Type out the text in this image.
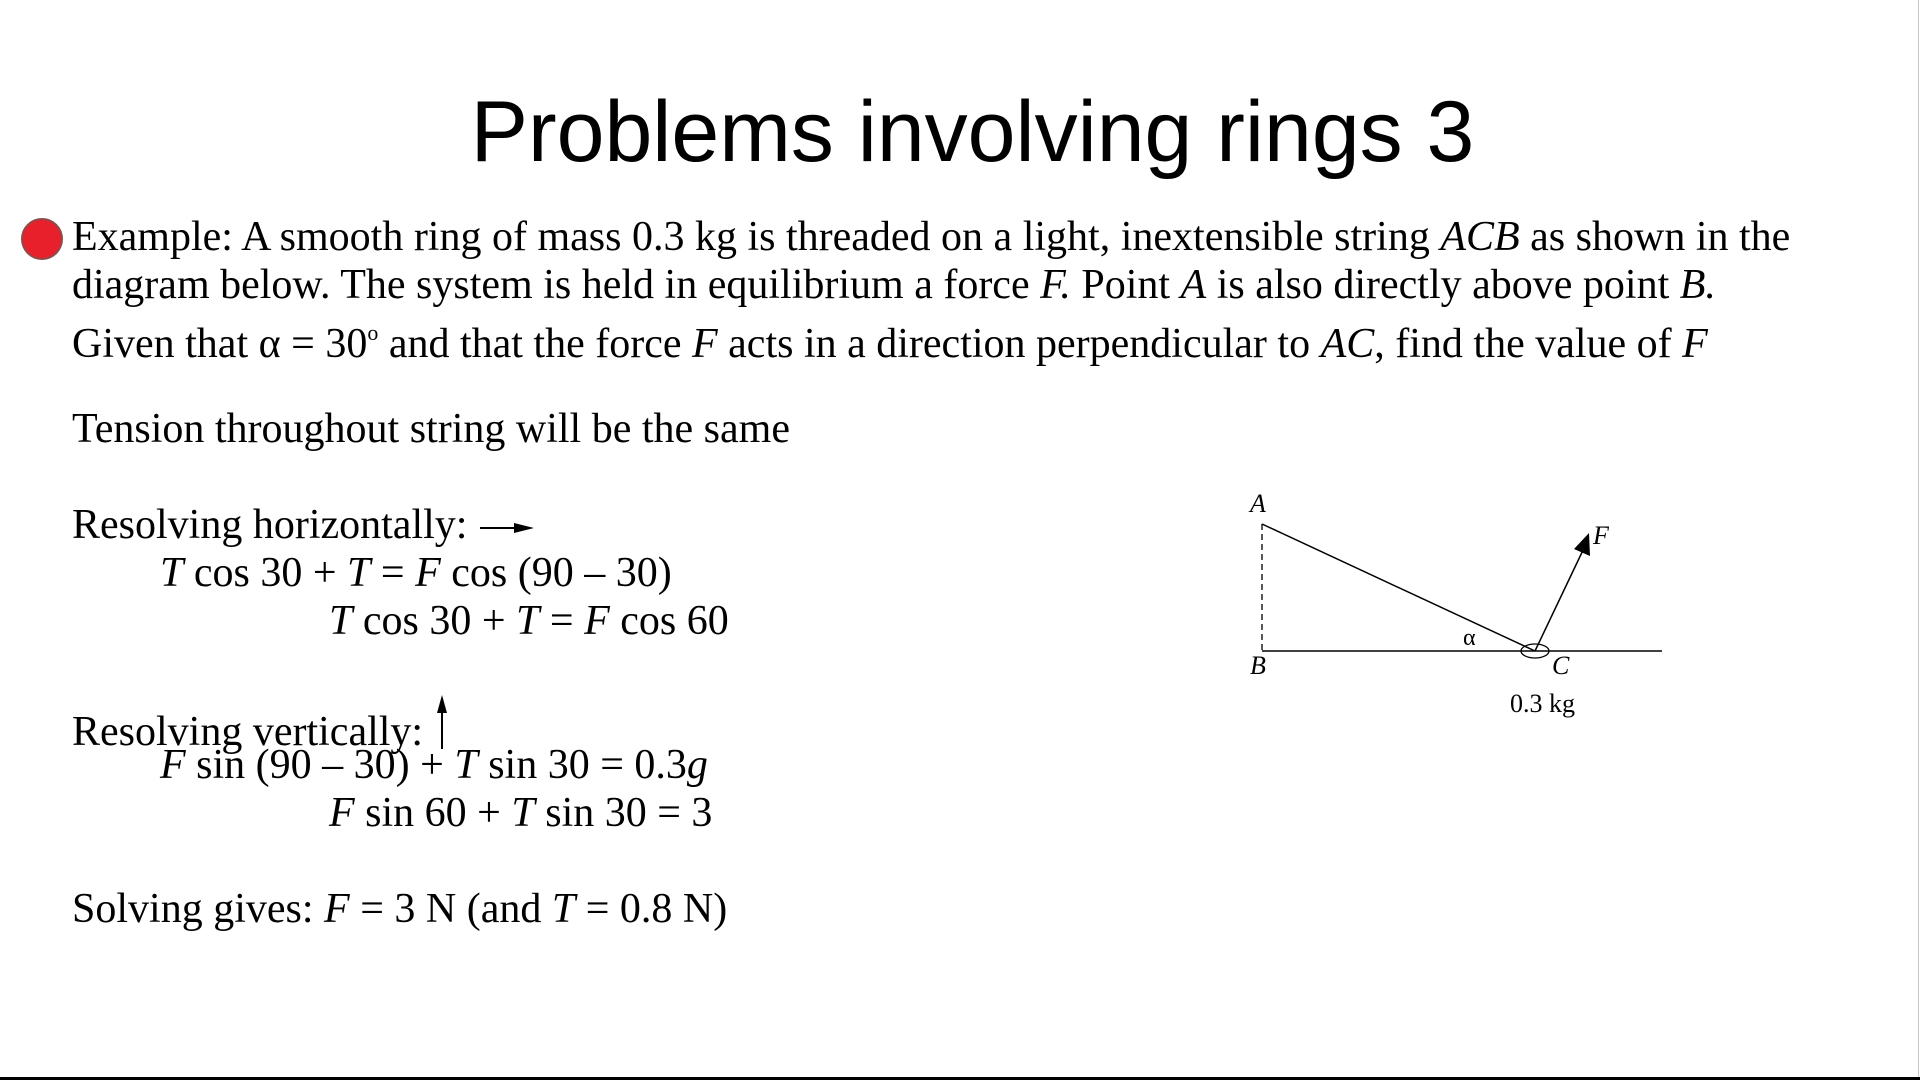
Problems involving rings 3
Example: A smooth ring of mass 0.3 kg is threaded on a light, inextensible string ACB as shown in the
diagram below. The system is held in equilibrium a force F. Point A is also directly above point B.
Given that $\alpha = 30^o$ and that the force F acts in a direction perpendicular to AC, find the value of F
Tension throughout string will be the same
Resolving horizontally:
T cos 30 + T = F cos (90 – 30)
T cos 30 + T = F cos 60
Resolving vertically:
F sin (90 – 30) + T sin 30 = 0.3g
F sin 60 + T sin 30 = 3
Solving gives: F = 3 N (and T = 0.8 N)
A
B	C
F
α
0.3 kg
